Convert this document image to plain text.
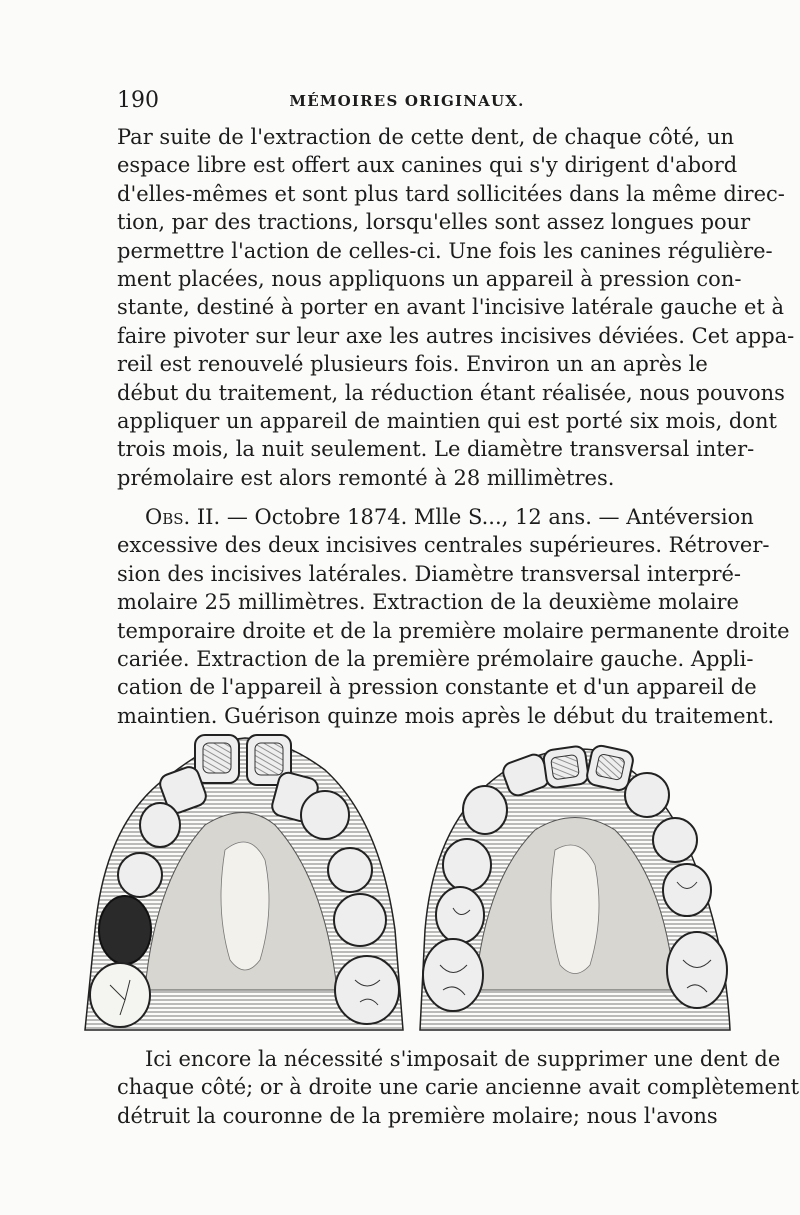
190	MÉMOIRES ORIGINAUX.
Par suite de l'extraction de cette dent, de chaque côté, un
espace libre est offert aux canines qui s'y dirigent d'abord
d'elles-mêmes et sont plus tard sollicitées dans la même direc-
tion, par des tractions, lorsqu'elles sont assez longues pour
permettre l'action de celles-ci. Une fois les canines régulière-
ment placées, nous appliquons un appareil à pression con-
stante, destiné à porter en avant l'incisive latérale gauche et à
faire pivoter sur leur axe les autres incisives déviées. Cet appa-
reil est renouvelé plusieurs fois. Environ un an après le
début du traitement, la réduction étant réalisée, nous pouvons
appliquer un appareil de maintien qui est porté six mois, dont
trois mois, la nuit seulement. Le diamètre transversal inter-
prémolaire est alors remonté à 28 millimètres.
Obs. II. — Octobre 1874. Mlle S..., 12 ans. — Antéversion
excessive des deux incisives centrales supérieures. Rétrover-
sion des incisives latérales. Diamètre transversal interpré-
molaire 25 millimètres. Extraction de la deuxième molaire
temporaire droite et de la première molaire permanente droite
cariée. Extraction de la première prémolaire gauche. Appli-
cation de l'appareil à pression constante et d'un appareil de
maintien. Guérison quinze mois après le début du traitement.
Ici encore la nécessité s'imposait de supprimer une dent de
chaque côté; or à droite une carie ancienne avait complètement
détruit la couronne de la première molaire; nous l'avons
